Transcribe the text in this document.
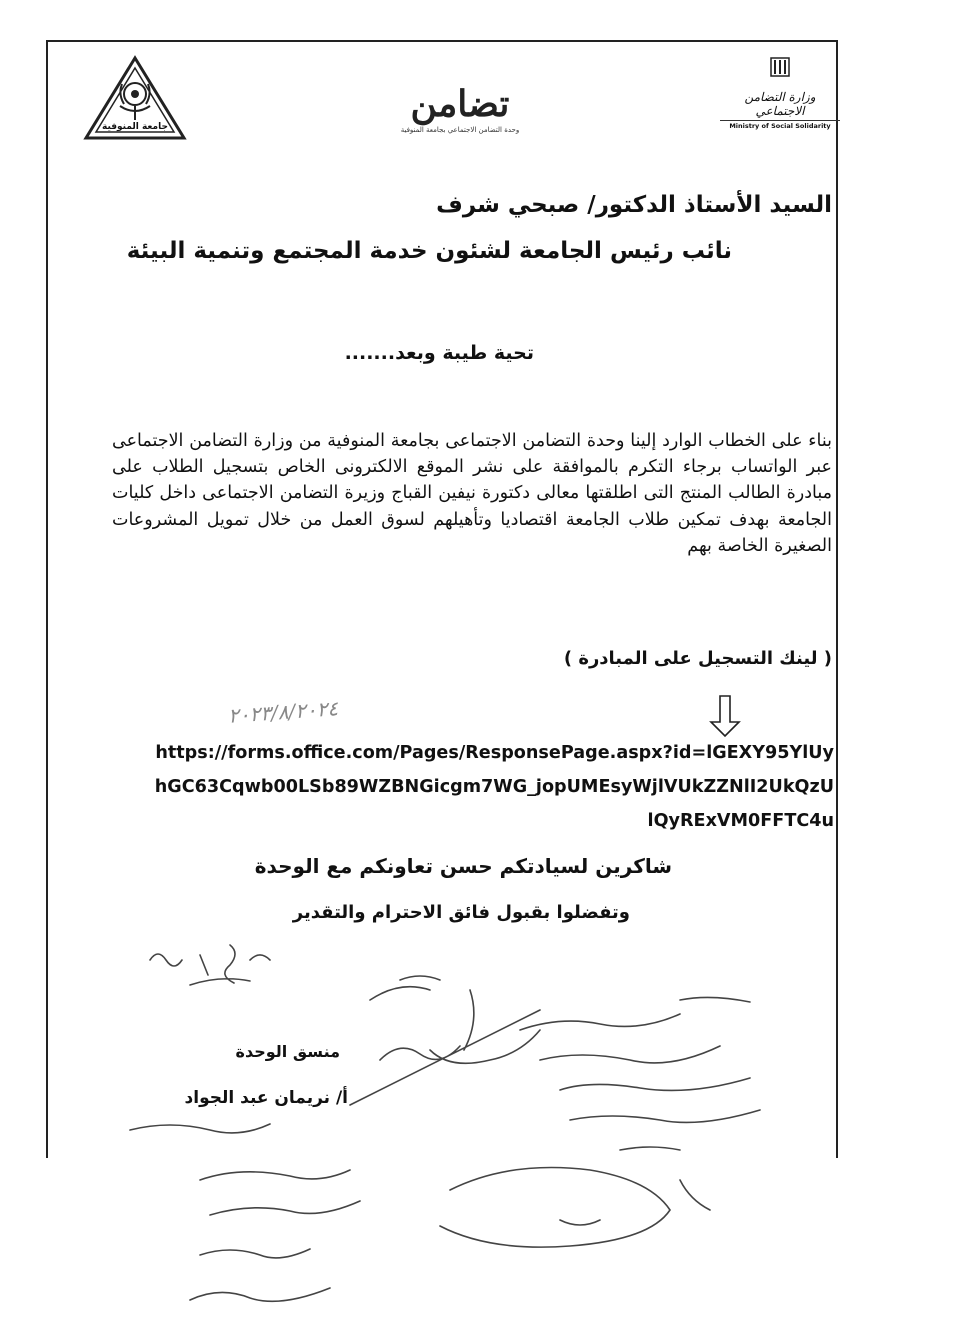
جامعة المنوفية
تضامن
وحدة التضامن الاجتماعي بجامعة المنوفية
وزارة التضامن الاجتماعي
Ministry of Social Solidarity
السيد الأستاذ الدكتور/ صبحي شرف
نائب رئيس الجامعة لشئون خدمة المجتمع وتنمية البيئة
تحية طيبة وبعد.......
بناء على الخطاب الوارد إلينا وحدة التضامن الاجتماعى بجامعة المنوفية من وزارة التضامن الاجتماعى عبر الواتساب برجاء التكرم بالموافقة على نشر الموقع الالكترونى الخاص بتسجيل الطلاب على مبادرة الطالب المنتج التى اطلقتها معالى دكتورة نيفين القباج وزيرة التضامن الاجتماعى داخل كليات الجامعة بهدف تمكين طلاب الجامعة اقتصاديا وتأهيلهم لسوق العمل من خلال تمويل المشروعات الصغيرة الخاصة بهم
( لينك التسجيل على المبادرة )
٢٠٢٣/٨/٢٠٢٤
https://forms.office.com/Pages/ResponsePage.aspx?id=lGEXY95YlUyhGC63Cqwb00LSb89WZBNGicgm7WG_jopUMEsyWjlVUkZZNlI2UkQzUlQyRExVM0FFTC4u
شاكرين لسيادتكم حسن تعاونكم مع الوحدة
وتفضلوا بقبول فائق الاحترام والتقدير
منسق الوحدة
أ/ نريمان عبد الجواد
